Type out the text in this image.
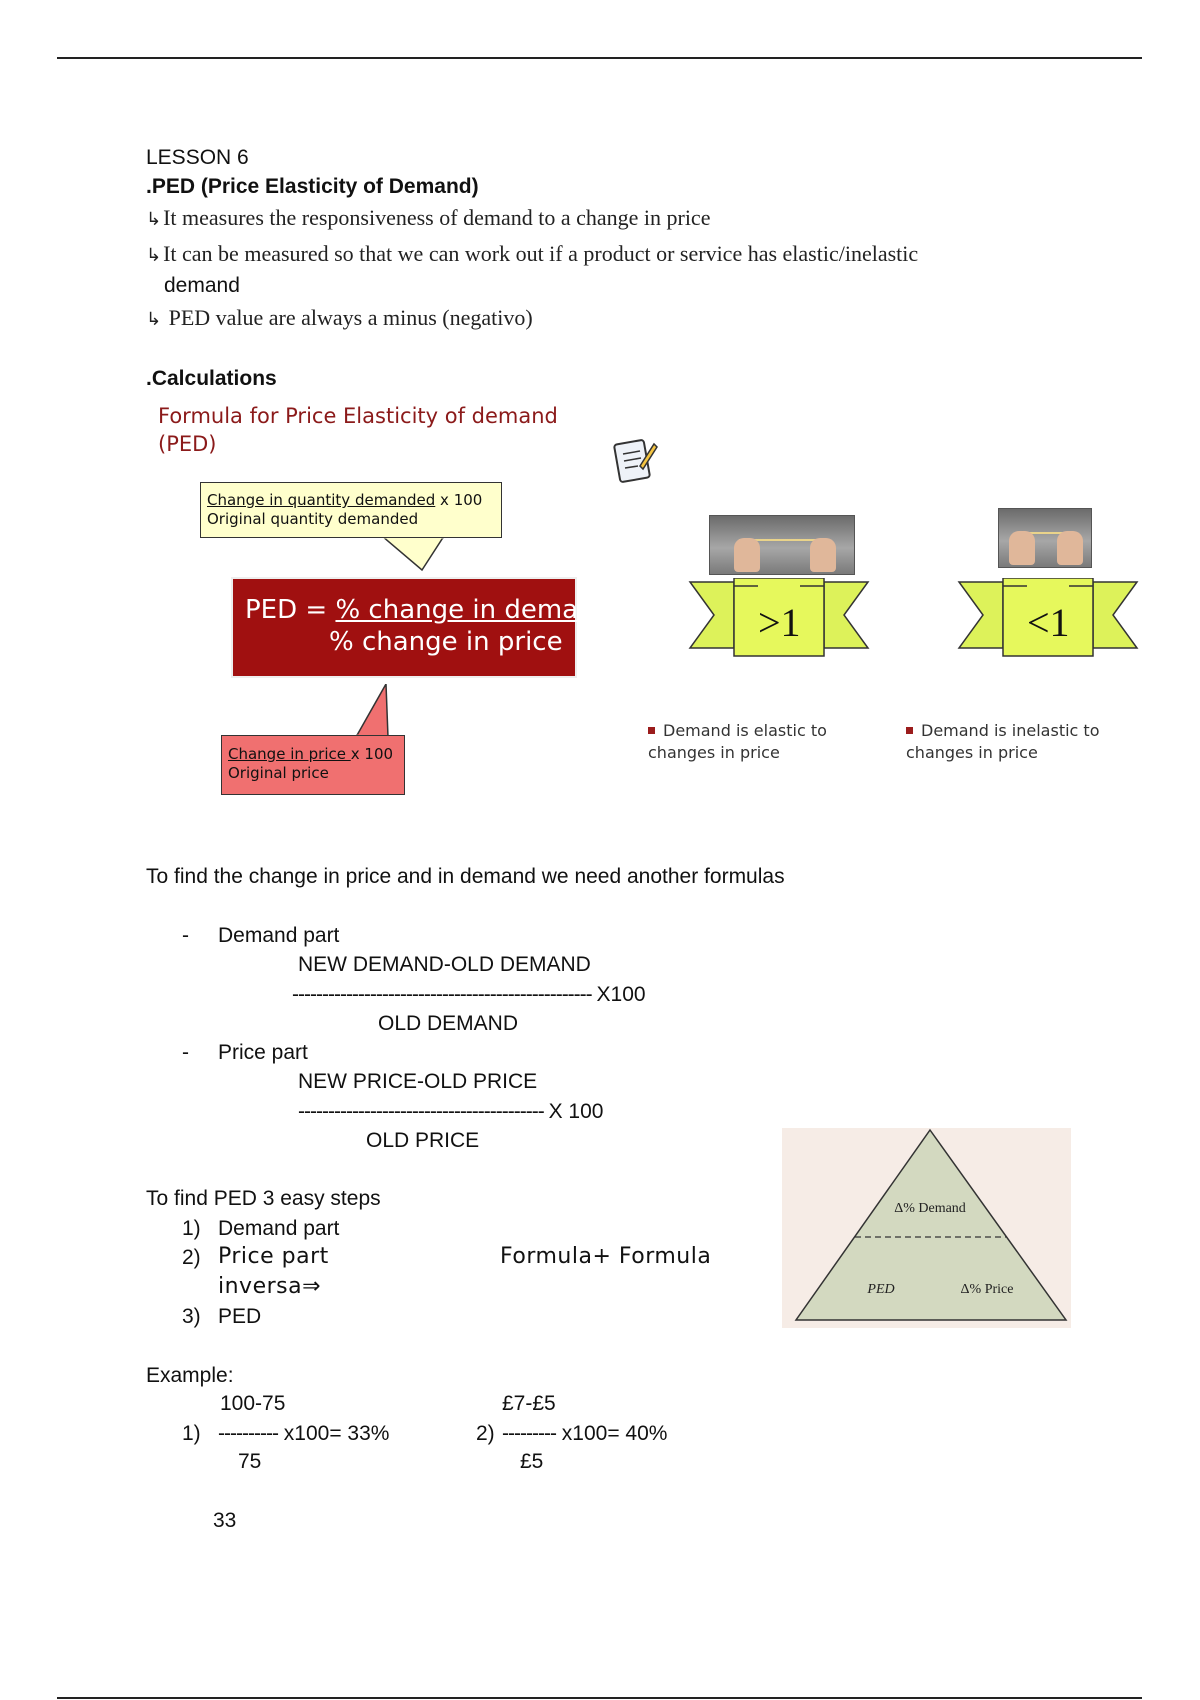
LESSON 6
.PED (Price Elasticity of Demand)
↳It measures the responsiveness of demand to a change in price
↳It can be measured so that we can work out if a product or service has elastic/inelastic
demand
↳ PED value are always a minus (negativo)
.Calculations
Formula for Price Elasticity of demand (PED)
Change in quantity demanded x 100
Original quantity demanded
PED = % change in demand
% change in price
Change in price x 100
Original price
>1	<1
Demand is elastic to changes in price
Demand is inelastic to changes in price
To find the change in price and in demand we need another formulas
- Demand part
NEW DEMAND-OLD DEMAND
-------------------------------------------------- X100
OLD DEMAND
- Price part
NEW PRICE-OLD PRICE
----------------------------------------- X 100
OLD PRICE
To find PED 3 easy steps
1) Demand part
2) Price part
inversa⇒
Formula+ Formula
3) PED
Δ% Demand
PED	Δ% Price
Example:
100-75
1) ---------- x100= 33%
75
£7-£5
2) --------- x100= 40%
£5
33
